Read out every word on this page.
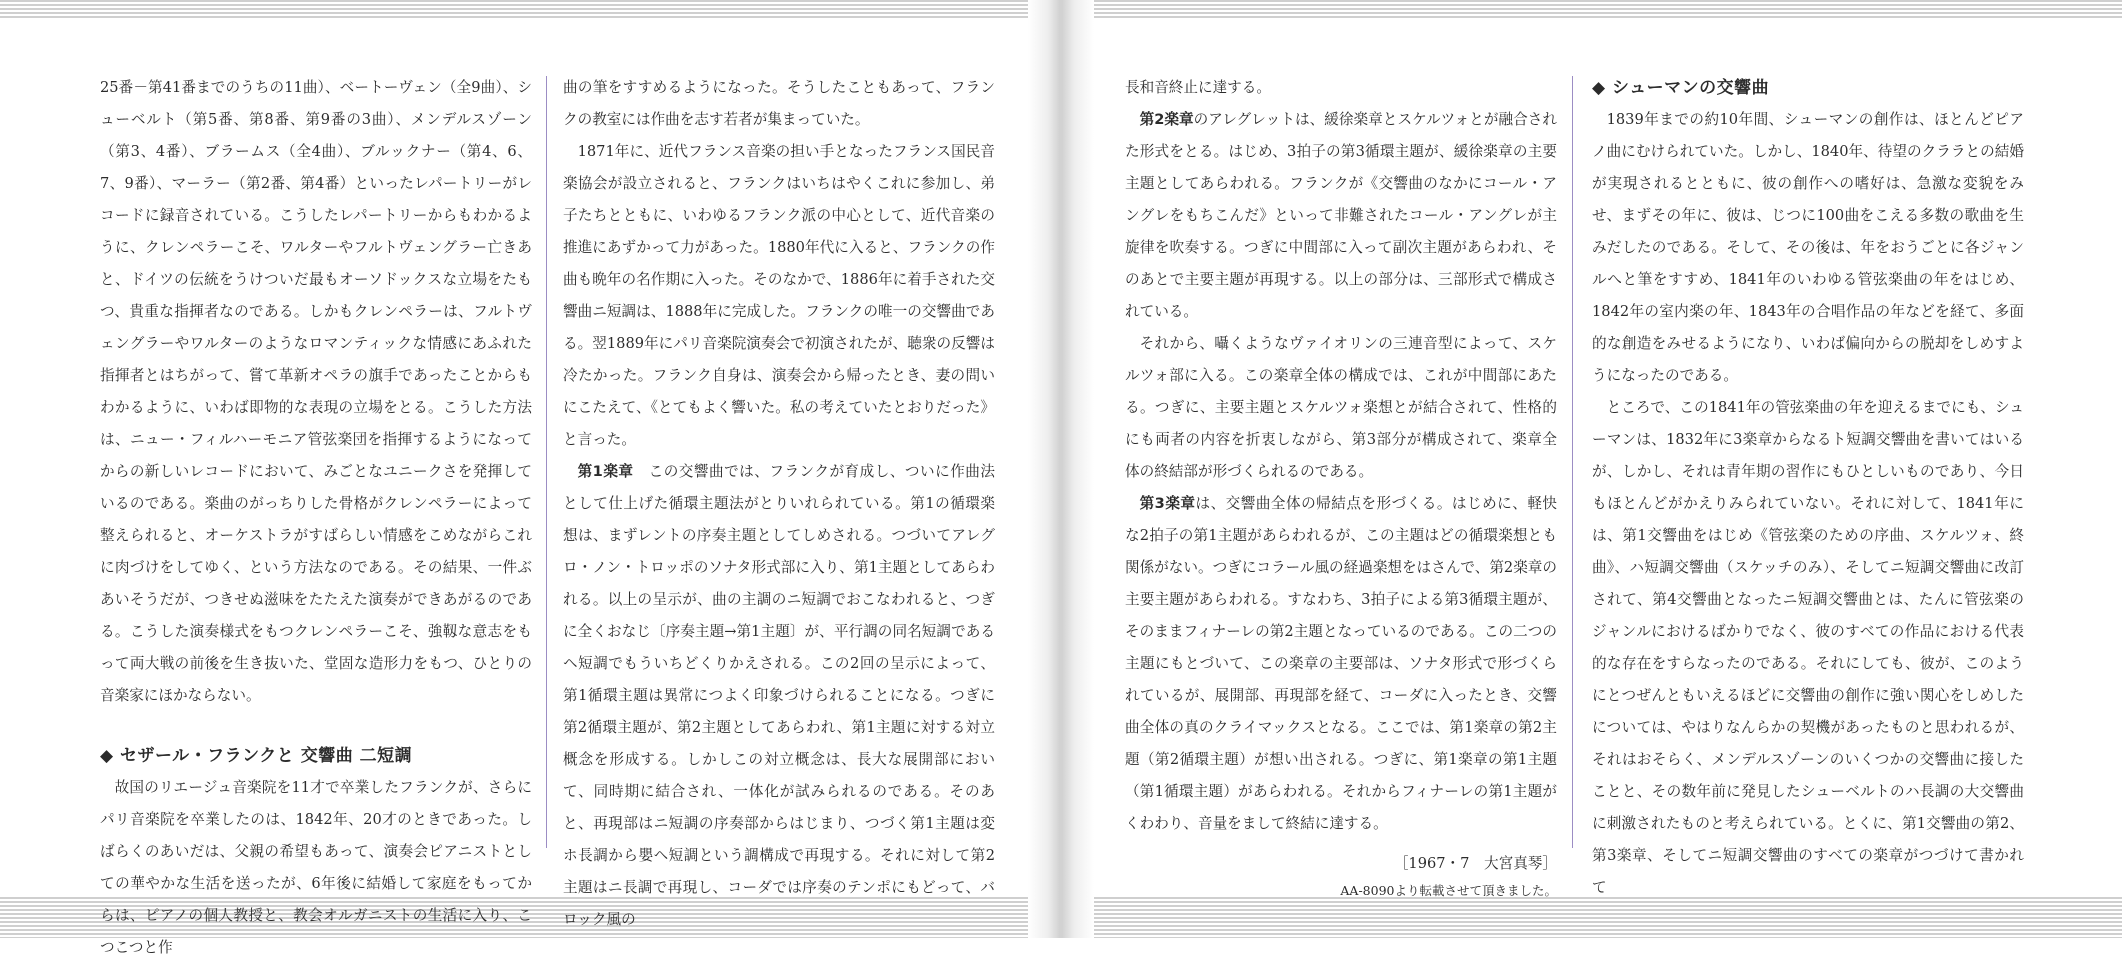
25番－第41番までのうちの11曲）、ベートーヴェン（全9曲）、シューベルト（第5番、第8番、第9番の3曲）、メンデルスゾーン（第3、4番）、ブラームス（全4曲）、ブルックナー（第4、6、7、9番）、マーラー（第2番、第4番）といったレパートリーがレコードに録音されている。こうしたレパートリーからもわかるように、クレンペラーこそ、ワルターやフルトヴェングラー亡きあと、ドイツの伝統をうけついだ最もオーソドックスな立場をたもつ、貴重な指揮者なのである。しかもクレンペラーは、フルトヴェングラーやワルターのようなロマンティックな情感にあふれた指揮者とはちがって、嘗て革新オペラの旗手であったことからもわかるように、いわば即物的な表現の立場をとる。こうした方法は、ニュー・フィルハーモニア管弦楽団を指揮するようになってからの新しいレコードにおいて、みごとなユニークさを発揮しているのである。楽曲のがっちりした骨格がクレンペラーによって整えられると、オーケストラがすばらしい情感をこめながらこれに肉づけをしてゆく、という方法なのである。その結果、一件ぶあいそうだが、つきせぬ滋味をたたえた演奏ができあがるのである。こうした演奏様式をもつクレンペラーこそ、強靱な意志をもって両大戦の前後を生き抜いた、堂固な造形力をもつ、ひとりの音楽家にほかならない。

◆ セザール・フランクと 交響曲 二短調

故国のリエージュ音楽院を11才で卒業したフランクが、さらにパリ音楽院を卒業したのは、1842年、20才のときであった。しばらくのあいだは、父親の希望もあって、演奏会ピアニストとしての華やかな生活を送ったが、6年後に結婚して家庭をもってからは、ピアノの個人教授と、教会オルガニストの生活に入り、こつこつと作

曲の筆をすすめるようになった。そうしたこともあって、フランクの教室には作曲を志す若者が集まっていた。

1871年に、近代フランス音楽の担い手となったフランス国民音楽協会が設立されると、フランクはいちはやくこれに参加し、弟子たちとともに、いわゆるフランク派の中心として、近代音楽の推進にあずかって力があった。1880年代に入ると、フランクの作曲も晩年の名作期に入った。そのなかで、1886年に着手された交響曲ニ短調は、1888年に完成した。フランクの唯一の交響曲である。翌1889年にパリ音楽院演奏会で初演されたが、聴衆の反響は冷たかった。フランク自身は、演奏会から帰ったとき、妻の問いにこたえて、《とてもよく響いた。私の考えていたとおりだった》と言った。

第1楽章　 この交響曲では、フランクが育成し、ついに作曲法として仕上げた循環主題法がとりいれられている。第1の循環楽想は、まずレントの序奏主題としてしめされる。つづいてアレグロ・ノン・トロッポのソナタ形式部に入り、第1主題としてあらわれる。以上の呈示が、曲の主調のニ短調でおこなわれると、つぎに全くおなじ〔序奏主題→第1主題〕が、平行調の同名短調であるヘ短調でもういちどくりかえされる。この2回の呈示によって、第1循環主題は異常につよく印象づけられることになる。つぎに第2循環主題が、第2主題としてあらわれ、第1主題に対する対立概念を形成する。しかしこの対立概念は、長大な展開部において、同時期に結合され、一体化が試みられるのである。そのあと、再現部はニ短調の序奏部からはじまり、つづく第1主題は変ホ長調から嬰ヘ短調という調構成で再現する。それに対して第2主題はニ長調で再現し、コーダでは序奏のテンポにもどって、バロック風の

長和音終止に達する。

第2楽章のアレグレットは、緩徐楽章とスケルツォとが融合された形式をとる。はじめ、3拍子の第3循環主題が、緩徐楽章の主要主題としてあらわれる。フランクが《交響曲のなかにコール・アングレをもちこんだ》といって非難されたコール・アングレが主旋律を吹奏する。つぎに中間部に入って副次主題があらわれ、そのあとで主要主題が再現する。以上の部分は、三部形式で構成されている。

それから、囁くようなヴァイオリンの三連音型によって、スケルツォ部に入る。この楽章全体の構成では、これが中間部にあたる。つぎに、主要主題とスケルツォ楽想とが結合されて、性格的にも両者の内容を折衷しながら、第3部分が構成されて、楽章全体の終結部が形づくられるのである。

第3楽章は、交響曲全体の帰結点を形づくる。はじめに、軽快な2拍子の第1主題があらわれるが、この主題はどの循環楽想とも関係がない。つぎにコラール風の経過楽想をはさんで、第2楽章の主要主題があらわれる。すなわち、3拍子による第3循環主題が、そのままフィナーレの第2主題となっているのである。この二つの主題にもとづいて、この楽章の主要部は、ソナタ形式で形づくられているが、展開部、再現部を経て、コーダに入ったとき、交響曲全体の真のクライマックスとなる。ここでは、第1楽章の第2主題（第2循環主題）が想い出される。つぎに、第1楽章の第1主題（第1循環主題）があらわれる。それからフィナーレの第1主題がくわわり、音量をまして終結に達する。

［1967・7　大宮真琴］
AA-8090より転載させて頂きました。
◆ シューマンの交響曲

1839年までの約10年間、シューマンの創作は、ほとんどピアノ曲にむけられていた。しかし、1840年、待望のクララとの結婚が実現されるとともに、彼の創作への嗜好は、急激な変貌をみせ、まずその年に、彼は、じつに100曲をこえる多数の歌曲を生みだしたのである。そして、その後は、年をおうごとに各ジャンルへと筆をすすめ、1841年のいわゆる管弦楽曲の年をはじめ、1842年の室内楽の年、1843年の合唱作品の年などを経て、多面的な創造をみせるようになり、いわば偏向からの脱却をしめすようになったのである。

ところで、この1841年の管弦楽曲の年を迎えるまでにも、シューマンは、1832年に3楽章からなるト短調交響曲を書いてはいるが、しかし、それは青年期の習作にもひとしいものであり、今日もほとんどがかえりみられていない。それに対して、1841年には、第1交響曲をはじめ《管弦楽のための序曲、スケルツォ、終曲》、ハ短調交響曲（スケッチのみ）、そしてニ短調交響曲に改訂されて、第4交響曲となったニ短調交響曲とは、たんに管弦楽のジャンルにおけるばかりでなく、彼のすべての作品における代表的な存在をすらなったのである。それにしても、彼が、このようにとつぜんともいえるほどに交響曲の創作に強い関心をしめしたについては、やはりなんらかの契機があったものと思われるが、それはおそらく、メンデルスゾーンのいくつかの交響曲に接したことと、その数年前に発見したシューベルトのハ長調の大交響曲に刺激されたものと考えられている。とくに、第1交響曲の第2、第3楽章、そしてニ短調交響曲のすべての楽章がつづけて書かれて
